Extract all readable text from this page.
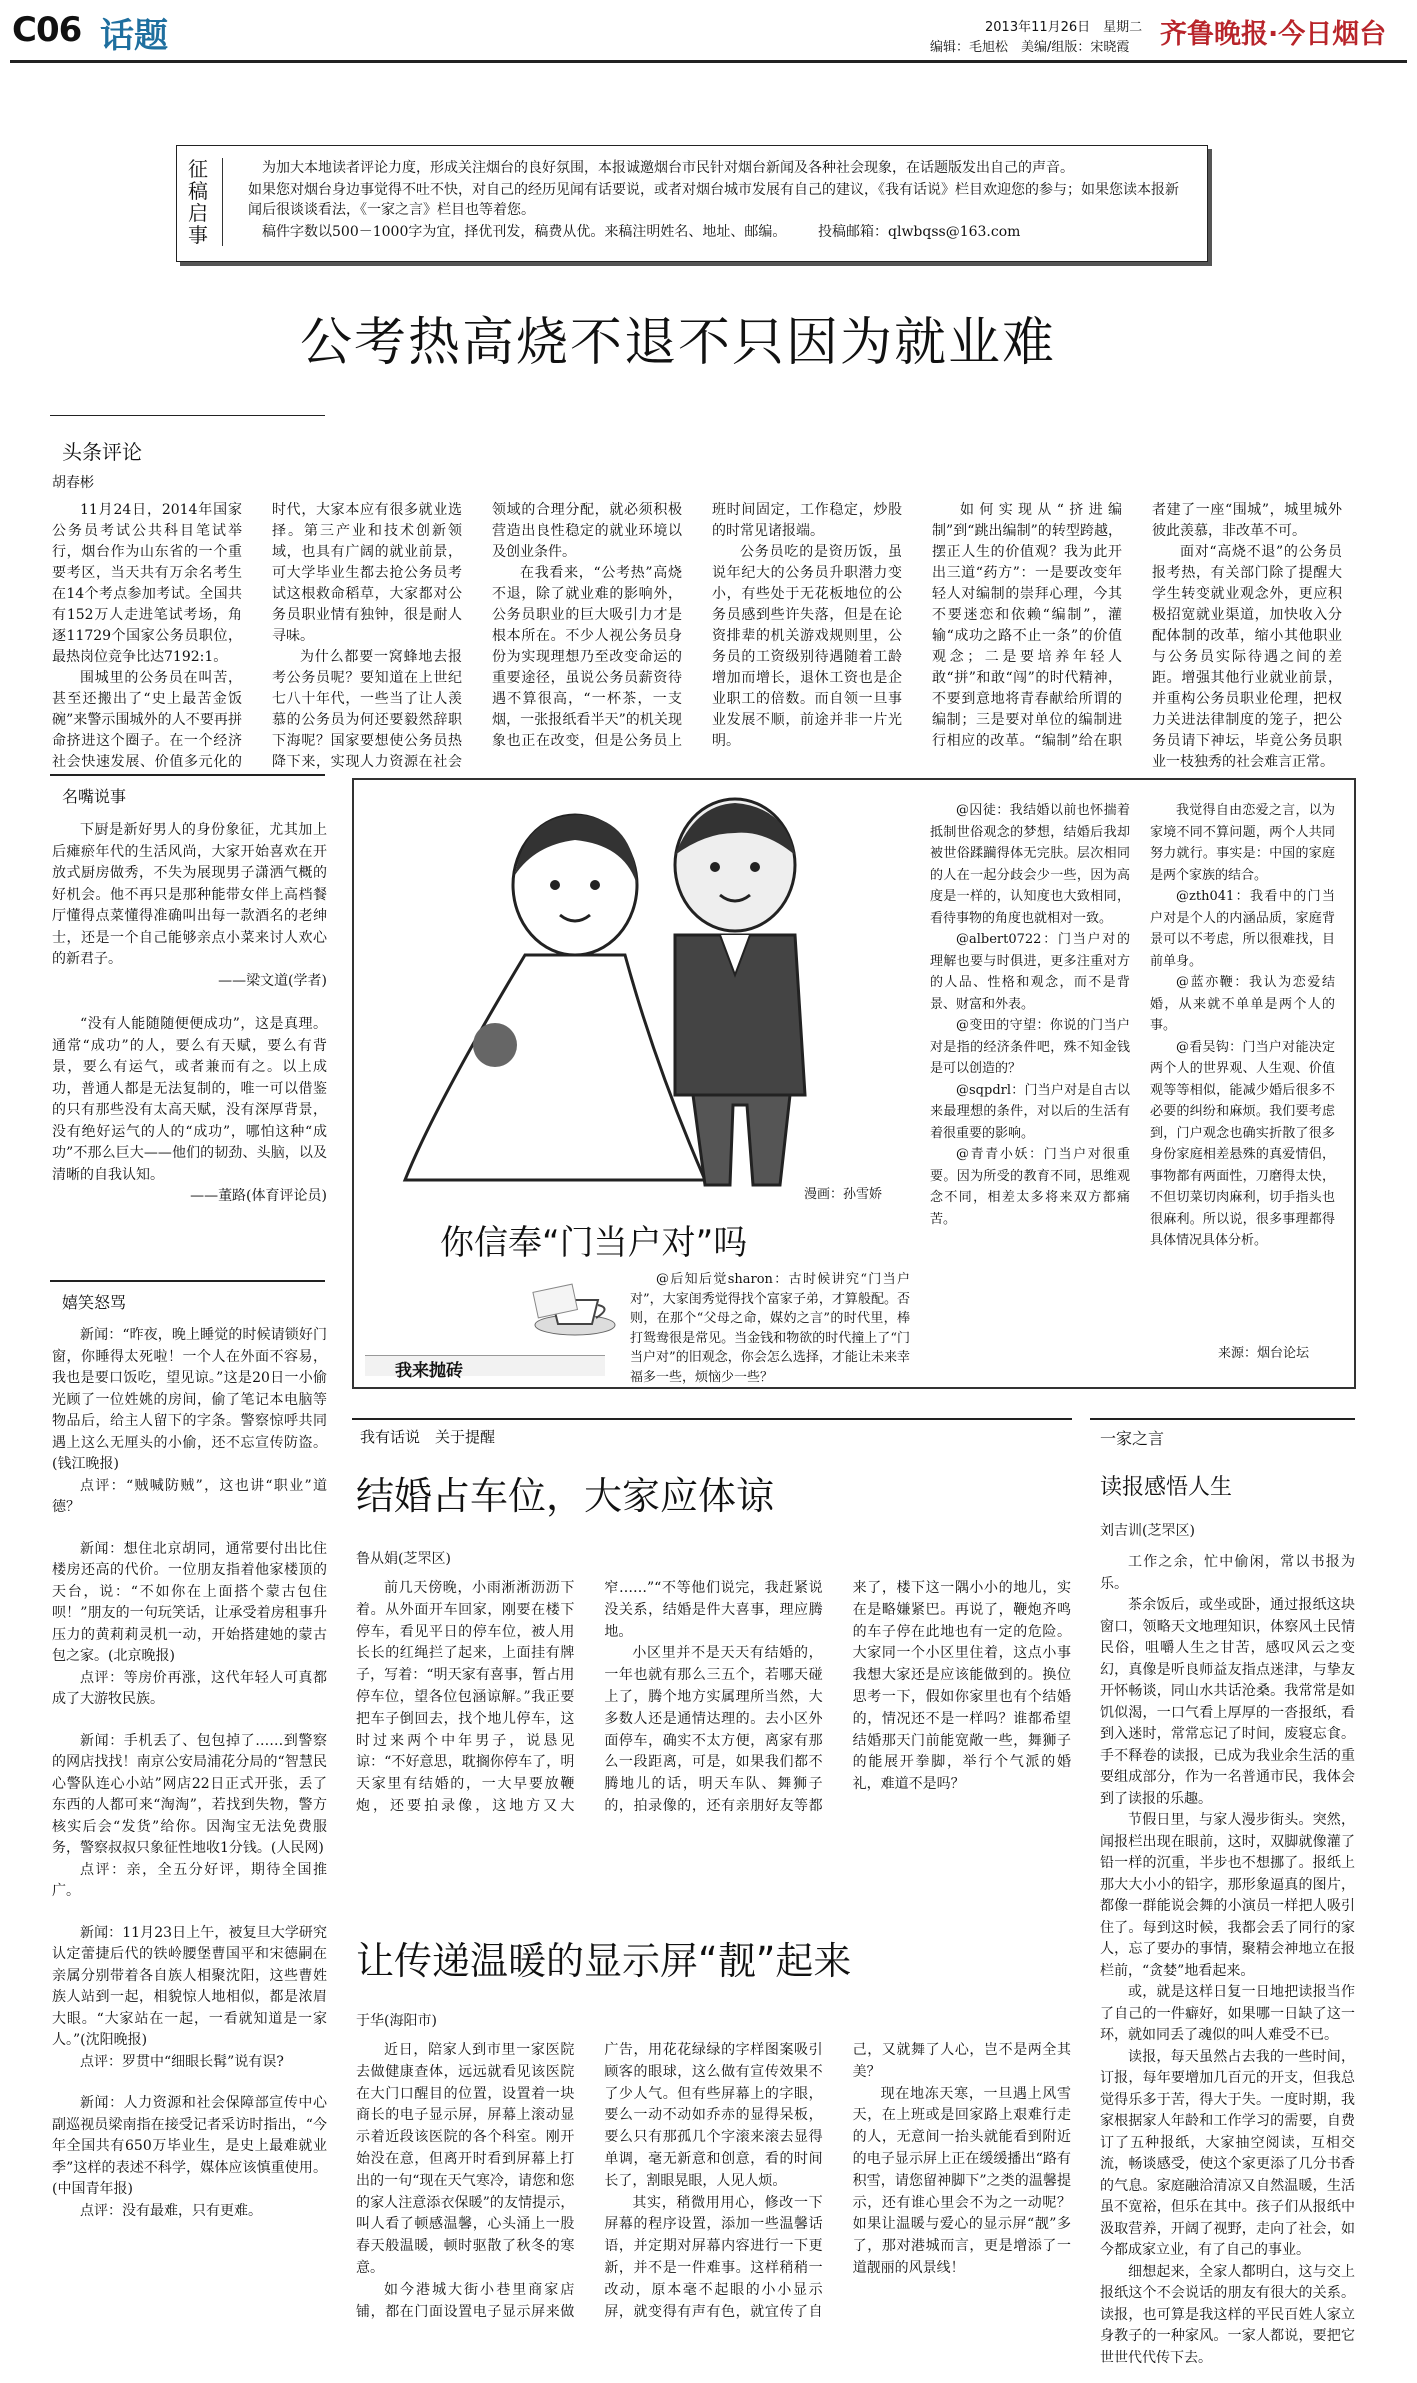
C06 话题	2013年11月26日　星期二
编辑：毛旭松　美编/组版：宋晓霞 齐鲁晚报·今日烟台
征稿启事
为加大本地读者评论力度，形成关注烟台的良好氛围，本报诚邀烟台市民针对烟台新闻及各种社会现象，在话题版发出自己的声音。
如果您对烟台身边事觉得不吐不快，对自己的经历见闻有话要说，或者对烟台城市发展有自己的建议，《我有话说》栏目欢迎您的参与；如果您读本报新闻后很谈谈看法，《一家之言》栏目也等着您。
稿件字数以500－1000字为宜，择优刊发，稿费从优。来稿注明姓名、地址、邮编。	投稿邮箱：qlwbqss@163.com
公考热高烧不退不只因为就业难
头条评论
胡春彬

11月24日，2014年国家公务员考试公共科目笔试举行，烟台作为山东省的一个重要考区，当天共有万余名考生在14个考点参加考试。全国共有152万人走进笔试考场，角逐11729个国家公务员职位，最热岗位竞争比达7192:1。

围城里的公务员在叫苦，甚至还搬出了“史上最苦金饭碗”来警示围城外的人不要再拼命挤进这个圈子。在一个经济社会快速发展、价值多元化的时代，大家本应有很多就业选择。第三产业和技术创新领域，也具有广阔的就业前景，可大学毕业生都去抢公务员考试这根救命稻草，大家都对公务员职业情有独钟，很是耐人寻味。

为什么都要一窝蜂地去报考公务员呢？要知道在上世纪七八十年代，一些当了让人羡慕的公务员为何还要毅然辞职下海呢？国家要想使公务员热降下来，实现人力资源在社会领域的合理分配，就必须积极营造出良性稳定的就业环境以及创业条件。

在我看来，“公考热”高烧不退，除了就业难的影响外，公务员职业的巨大吸引力才是根本所在。不少人视公务员身份为实现理想乃至改变命运的重要途径，虽说公务员薪资待遇不算很高，“一杯茶，一支烟，一张报纸看半天”的机关现象也正在改变，但是公务员上班时间固定，工作稳定，炒股的时常见诸报端。

公务员吃的是资历饭，虽说年纪大的公务员升职潜力变小，有些处于无花板地位的公务员感到些许失落，但是在论资排辈的机关游戏规则里，公务员的工资级别待遇随着工龄增加而增长，退休工资也是企业职工的倍数。而自领一旦事业发展不顺，前途并非一片光明。

如何实现从“挤进编制”到“跳出编制”的转型跨越，摆正人生的价值观？我为此开出三道“药方”：一是要改变年轻人对编制的崇拜心理，今其不要迷恋和依赖“编制”，灌输“成功之路不止一条”的价值观念；二是要培养年轻人敢“拼”和敢“闯”的时代精神，不要到意地将青春献给所谓的编制；三是要对单位的编制进行相应的改革。“编制”给在职者建了一座“围城”，城里城外彼此羡慕，非改革不可。

面对“高烧不退”的公务员报考热，有关部门除了提醒大学生转变就业观念外，更应积极招宽就业渠道，加快收入分配体制的改革，缩小其他职业与公务员实际待遇之间的差距。增强其他行业就业前景，并重构公务员职业伦理，把权力关进法律制度的笼子，把公务员请下神坛，毕竟公务员职业一枝独秀的社会难言正常。

名嘴说事

下厨是新好男人的身份象征，尤其加上后瘫瘀年代的生活风尚，大家开始喜欢在开放式厨房做秀，不失为展现男子潇洒气概的好机会。他不再只是那种能带女伴上高档餐厅懂得点菜懂得准确叫出每一款酒名的老绅士，还是一个自己能够亲点小菜来讨人欢心的新君子。

——梁文道(学者)

“没有人能随随便便成功”，这是真理。通常“成功”的人，要么有天赋，要么有背景，要么有运气，或者兼而有之。以上成功，普通人都是无法复制的，唯一可以借鉴的只有那些没有太高天赋，没有深厚背景，没有绝好运气的人的“成功”，哪怕这种“成功”不那么巨大——他们的韧劲、头脑，以及清晰的自我认知。

——董路(体育评论员)
嬉笑怒骂

新闻：“昨夜，晚上睡觉的时候请锁好门窗，你睡得太死啦！一个人在外面不容易，我也是要口饭吃，望见谅。”这是20日一小偷光顾了一位姓姚的房间，偷了笔记本电脑等物品后，给主人留下的字条。警察惊呼共同遇上这么无厘头的小偷，还不忘宣传防盗。(钱江晚报)

点评：“贼喊防贼”，这也讲“职业”道德？

新闻：想住北京胡同，通常要付出比住楼房还高的代价。一位朋友指着他家楼顶的天台，说：“不如你在上面搭个蒙古包住呗！”朋友的一句玩笑话，让承受着房租事升压力的黄莉莉灵机一动，开始搭建她的蒙古包之家。(北京晚报)

点评：等房价再涨，这代年轻人可真都成了大游牧民族。

新闻：手机丢了、包包掉了……到警察的网店找找！南京公安局浦花分局的“智慧民心警队连心小站”网店22日正式开张，丢了东西的人都可来“淘淘”，若找到失物，警方核实后会“发货”给你。因淘宝无法免费服务，警察叔叔只象征性地收1分钱。(人民网)

点评：亲，全五分好评，期待全国推广。

新闻：11月23日上午，被复旦大学研究认定蕾捷后代的铁岭腰堡曹国平和宋德嗣在亲属分别带着各自族人相聚沈阳，这些曹姓族人站到一起，相貌惊人地相似，都是浓眉大眼。“大家站在一起，一看就知道是一家人。”(沈阳晚报)

点评：罗贯中“细眼长髯”说有误?

新闻：人力资源和社会保障部宣传中心副巡视员梁南指在接受记者采访时指出，“今年全国共有650万毕业生，是史上最难就业季”这样的表述不科学，媒体应该慎重使用。(中国青年报)

点评：没有最难，只有更难。

漫画：孙雪娇
你信奉“门当户对”吗
我来抛砖

@后知后觉sharon：古时候讲究“门当户对”，大家闺秀觉得找个富家子弟，才算般配。否则，在那个“父母之命，媒妁之言”的时代里，棒打鸳鸯很是常见。当金钱和物欲的时代撞上了“门当户对”的旧观念，你会怎么选择，才能让未来幸福多一些，烦恼少一些？

@囚徒：我结婚以前也怀揣着抵制世俗观念的梦想，结婚后我却被世俗蹂躏得体无完肤。层次相同的人在一起分歧会少一些，因为高度是一样的，认知度也大致相同，看待事物的角度也就相对一致。

@albert0722：门当户对的理解也要与时俱进，更多注重对方的人品、性格和观念，而不是背景、财富和外表。

@变田的守望：你说的门当户对是指的经济条件吧，殊不知金钱是可以创造的？

@sqpdrl：门当户对是自古以来最理想的条件，对以后的生活有着很重要的影响。

@青青小妖：门当户对很重要。因为所受的教育不同，思维观念不同，相差太多将来双方都痛苦。

我觉得自由恋爱之言，以为家境不同不算问题，两个人共同努力就行。事实是：中国的家庭是两个家族的结合。

@zth041：我看中的门当户对是个人的内涵品质，家庭背景可以不考虑，所以很难找，目前单身。

@蓝亦鞭：我认为恋爱结婚，从来就不单单是两个人的事。

@看吴钩：门当户对能决定两个人的世界观、人生观、价值观等等相似，能减少婚后很多不必要的纠纷和麻烦。我们要考虑到，门户观念也确实折散了很多身份家庭相差悬殊的真爱情侣，事物都有两面性，刀磨得太快，不但切菜切肉麻利，切手指头也很麻利。所以说，很多事理都得具体情况具体分析。

来源：烟台论坛
我有话说　关于提醒
结婚占车位，大家应体谅
鲁从娟(芝罘区)

前几天傍晚，小雨淅淅沥沥下着。从外面开车回家，刚要在楼下停车，看见平日的停车位，被人用长长的红绳拦了起来，上面挂有牌子，写着：“明天家有喜事，暂占用停车位，望各位包涵谅解。”我正要把车子倒回去，找个地儿停车，这时过来两个中年男子，说恳见谅：“不好意思，耽搁你停车了，明天家里有结婚的，一大早要放鞭炮，还要拍录像，这地方又大窄……”“不等他们说完，我赶紧说没关系，结婚是件大喜事，理应腾地。

小区里并不是天天有结婚的，一年也就有那么三五个，若哪天碰上了，腾个地方实属理所当然，大多数人还是通情达理的。去小区外面停车，确实不太方便，离家有那么一段距离，可是，如果我们都不腾地儿的话，明天车队、舞狮子的，拍录像的，还有亲朋好友等都来了，楼下这一隅小小的地儿，实在是略嫌紧巴。再说了，鞭炮齐鸣的车子停在此地也有一定的危险。大家同一个小区里住着，这点小事我想大家还是应该能做到的。换位思考一下，假如你家里也有个结婚的，情况还不是一样吗？谁都希望结婚那天门前能宽敞一些，舞狮子的能展开拳脚，举行个气派的婚礼，难道不是吗？

让传递温暖的显示屏“靓”起来
于华(海阳市)

近日，陪家人到市里一家医院去做健康查体，远远就看见该医院在大门口醒目的位置，设置着一块商长的电子显示屏，屏幕上滚动显示着近段该医院的各个科室。刚开始没在意，但离开时看到屏幕上打出的一句“现在天气寒冷，请您和您的家人注意添衣保暖”的友情提示，叫人看了顿感温馨，心头涌上一股春天般温暖，顿时驱散了秋冬的寒意。

如今港城大街小巷里商家店铺，都在门面设置电子显示屏来做广告，用花花绿绿的字样图案吸引顾客的眼球，这么做有宣传效果不了少人气。但有些屏幕上的字眼，要么一动不动如乔赤的显得呆板，要么只有那孤几个字滚来滚去显得单调，毫无新意和创意，看的时间长了，割眼晃眼，人见人烦。

其实，稍微用用心，修改一下屏幕的程序设置，添加一些温馨话语，并定期对屏幕内容进行一下更新，并不是一件难事。这样稍稍一改动，原本毫不起眼的小小显示屏，就变得有声有色，就宜传了自己，又就舞了人心，岂不是两全其美？

现在地冻天寒，一旦遇上风雪天，在上班或是回家路上艰难行走的人，无意间一抬头就能看到附近的电子显示屏上正在缓缓播出“路有积雪，请您留神脚下”之类的温馨提示，还有谁心里会不为之一动呢？如果让温暖与爱心的显示屏“靓”多了，那对港城而言，更是增添了一道靓丽的风景线！

一家之言
读报感悟人生
刘吉训(芝罘区)

工作之余，忙中偷闲，常以书报为乐。

茶余饭后，或坐或卧，通过报纸这块窗口，领略天文地理知识，体察风土民情民俗，咀嚼人生之甘苦，感叹风云之变幻，真像是听良师益友指点迷津，与挚友开怀畅谈，同山水共话沧桑。我常常是如饥似渴，一口气看上厚厚的一沓报纸，看到入迷时，常常忘记了时间，废寝忘食。手不释卷的读报，已成为我业余生活的重要组成部分，作为一名普通市民，我体会到了读报的乐趣。

节假日里，与家人漫步街头。突然，闻报栏出现在眼前，这时，双脚就像灌了铅一样的沉重，半步也不想挪了。报纸上那大大小小的铅字，那形象逼真的图片，都像一群能说会舞的小演员一样把人吸引住了。每到这时候，我都会丢了同行的家人，忘了要办的事情，聚精会神地立在报栏前，“贪婪”地看起来。

或，就是这样日复一日地把读报当作了自己的一件癖好，如果哪一日缺了这一环，就如同丢了魂似的叫人难受不已。

读报，每天虽然占去我的一些时间，订报，每年要增加几百元的开支，但我总觉得乐多于苦，得大于失。一度时期，我家根据家人年龄和工作学习的需要，自费订了五种报纸，大家抽空阅读，互相交流，畅谈感受，使这个家更添了几分书香的气息。家庭融洽清凉又自然温暖，生活虽不宽裕，但乐在其中。孩子们从报纸中汲取营养，开阔了视野，走向了社会，如今都成家立业，有了自己的事业。

细想起来，全家人都明白，这与交上报纸这个不会说话的朋友有很大的关系。读报，也可算是我这样的平民百姓人家立身教子的一种家风。一家人都说，要把它世世代代传下去。
